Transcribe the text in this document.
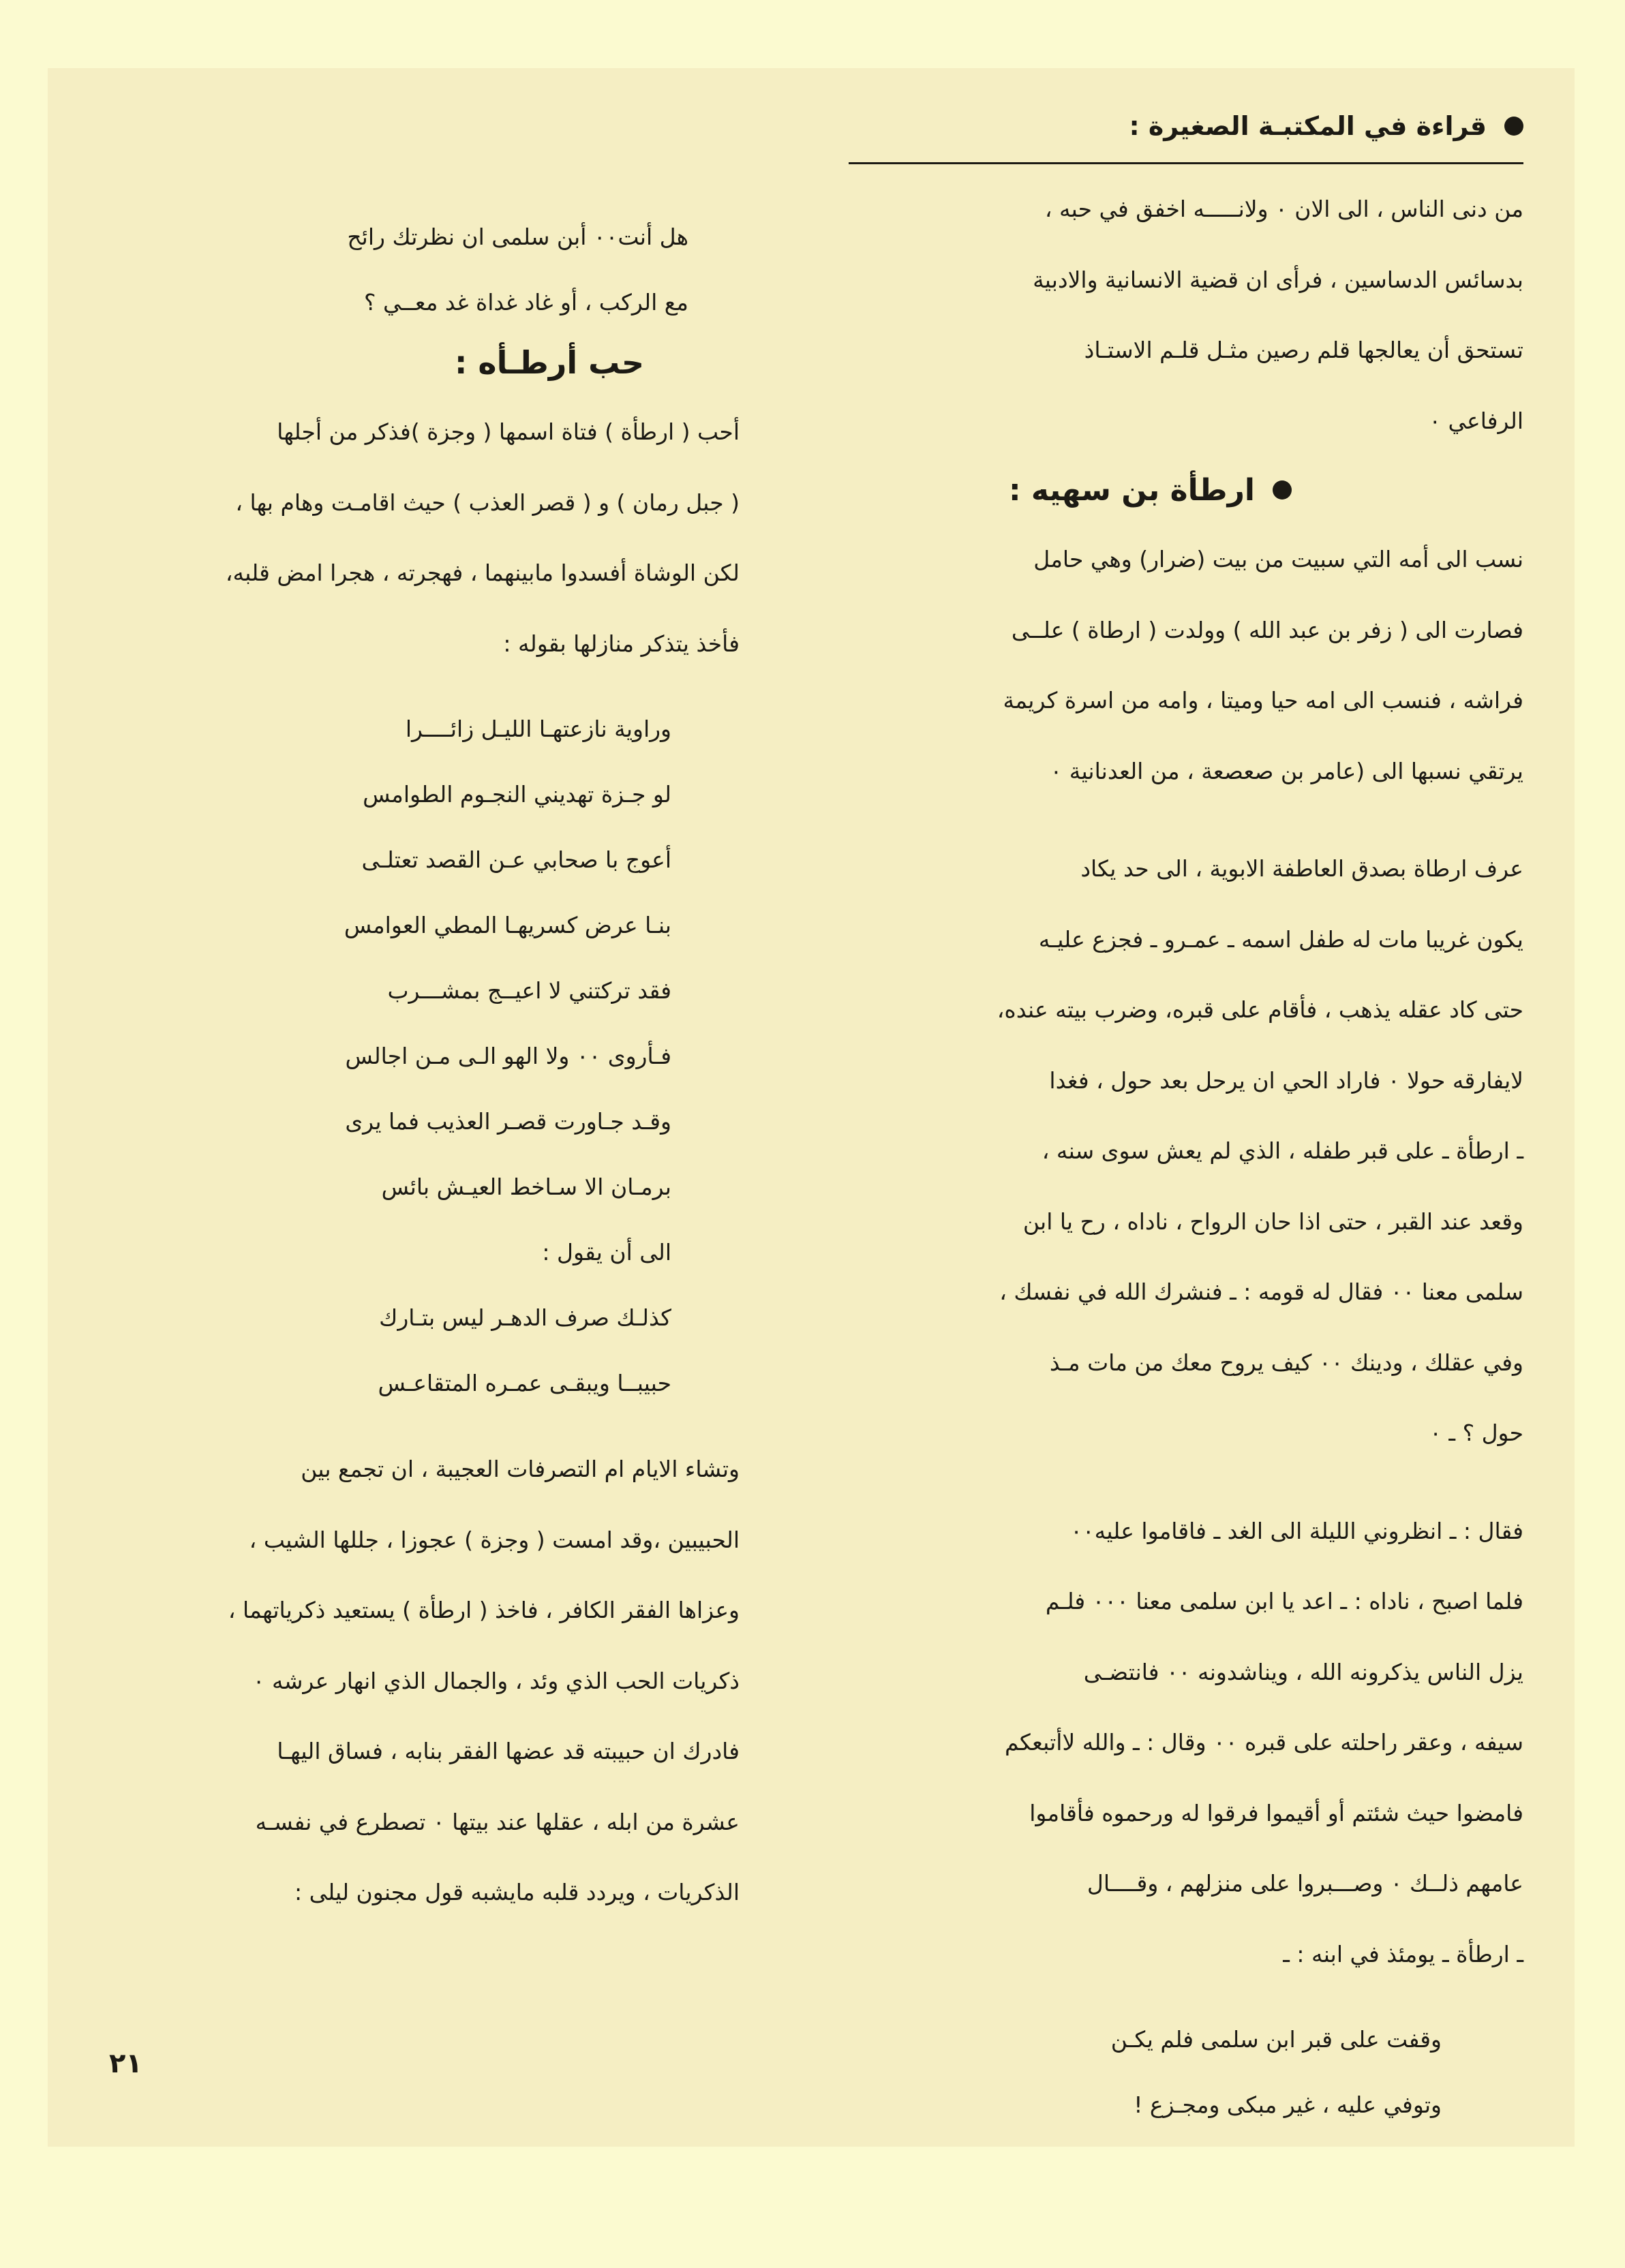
قراءة في المكتبـة الصغيرة :
من دنى الناس ، الى الان ٠ ولانـــــه اخفق في حبه ،
بدسائس الدساسين ، فرأى ان قضية الانسانية والادبية
تستحق أن يعالجها قلم رصين مثـل قلـم الاستـاذ
الرفاعي ٠
ارطأة بن سهيه :
نسب الى أمه التي سبيت من بيت (ضرار) وهي حامل
فصارت الى ( زفر بن عبد الله ) وولدت ( ارطاة ) علــى
فراشه ، فنسب الى امه حيا وميتا ، وامه من اسرة كريمة
يرتقي نسبها الى (عامر بن صعصعة ، من العدنانية ٠
عرف ارطاة بصدق العاطفة الابوية ، الى حد يكاد
يكون غريبا مات له طفل اسمه ـ عمـرو ـ فجزع عليـه
حتى كاد عقله يذهب ، فأقام على قبره، وضرب بيته عنده،
لايفارقه حولا ٠ فاراد الحي ان يرحل بعد حول ، فغدا
ـ ارطأة ـ على قبر طفله ، الذي لم يعش سوى سنه ،
وقعد عند القبر ، حتى اذا حان الرواح ، ناداه ، رح يا ابن
سلمى معنا ٠٠ فقال له قومه : ـ فنشرك الله في نفسك ،
وفي عقلك ، ودينك ٠٠ كيف يروح معك من مات مـذ
حول ؟ ـ ٠
فقال : ـ انظروني الليلة الى الغد ـ فاقاموا عليه٠٠
فلما اصبح ، ناداه : ـ اعد يا ابن سلمى معنا ٠٠٠ فلـم
يزل الناس يذكرونه الله ، ويناشدونه ٠٠ فانتضـى
سيفه ، وعقر راحلته على قبره ٠٠ وقال : ـ والله لاأتبعكم
فامضوا حيث شئتم أو أقيموا فرقوا له ورحموه فأقاموا
عامهم ذلــك ٠ وصـــبروا على منزلهم ، وقــــال
ـ ارطأة ـ يومئذ في ابنه : ـ
وقفت على قبر ابن سلمى فلم يكـن
وتوفي عليه ، غير مبكى ومجـزع !
هل أنت٠٠ أبن سلمى ان نظرتك رائح
مع الركب ، أو غاد غداة غد معــي ؟
حب أرطـأه :
أحب ( ارطأة ) فتاة اسمها ( وجزة )فذكر من أجلها
( جبل رمان ) و ( قصر العذب ) حيث اقامـت وهام بها ،
لكن الوشاة أفسدوا مابينهما ، فهجرته ، هجرا امض قلبه،
فأخذ يتذكر منازلها بقوله :
وراوية نازعتهـا الليـل زائــــرا
لو جـزة تهديني النجـوم الطوامس
أعوج با صحابي عـن القصد تعتلـى
بنـا عرض كسريهـا المطي العوامس
فقد تركتني لا اعيــج بمشـــرب
فـأروى ٠٠ ولا الهو الـى مـن اجالس
وقـد جـاورت قصـر العذيب فما يرى
برمـان الا سـاخط العيـش بائس
الى أن يقول :
كذلـك صرف الدهـر ليس بتـارك
حبيبــا ويبقـى عمـره المتقاعـس
وتشاء الايام ام التصرفات العجيبة ، ان تجمع بين
الحبيبين ،وقد امست ( وجزة ) عجوزا ، جللها الشيب ،
وعزاها الفقر الكافر ، فاخذ ( ارطأة ) يستعيد ذكرياتهما ،
ذكريات الحب الذي وئد ، والجمال الذي انهار عرشه ٠
فادرك ان حبيبته قد عضها الفقر بنابه ، فساق اليهـا
عشرة من ابله ، عقلها عند بيتها ٠ تصطرع في نفسـه
الذكريات ، ويردد قلبه مايشبه قول مجنون ليلى :
٢١
